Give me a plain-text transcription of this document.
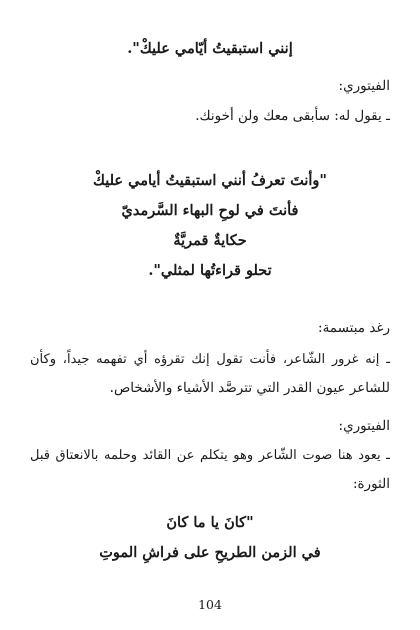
إنني استبقيتُ أيّامي عليكْ".
الفيتوري:
ـ يقول له: سأبقى معك ولن أخونك.
"وأنتَ تعرفُ أنني استبقيتُ أيامي عليكْ
فأنتَ في لوحِ البهاء السَّرمديّ
حكايةٌ قمريَّةٌ
تحلو قراءتُها لمثلي".
رغد مبتسمة:
ـ إنه غرور الشّاعر، فأنت تقول إنك تقرؤه أي تفهمه جيداً، وكأن
للشاعر عيون القدر التي تترصَّد الأشياء والأشخاص.
الفيتوري:
ـ يعود هنا صوت الشّاعر وهو يتكلم عن القائد وحلمه بالانعتاق قبل
الثورة:
"كانَ يا ما كانَ
في الزمن الطريحِ على فراشِ الموتِ
104
